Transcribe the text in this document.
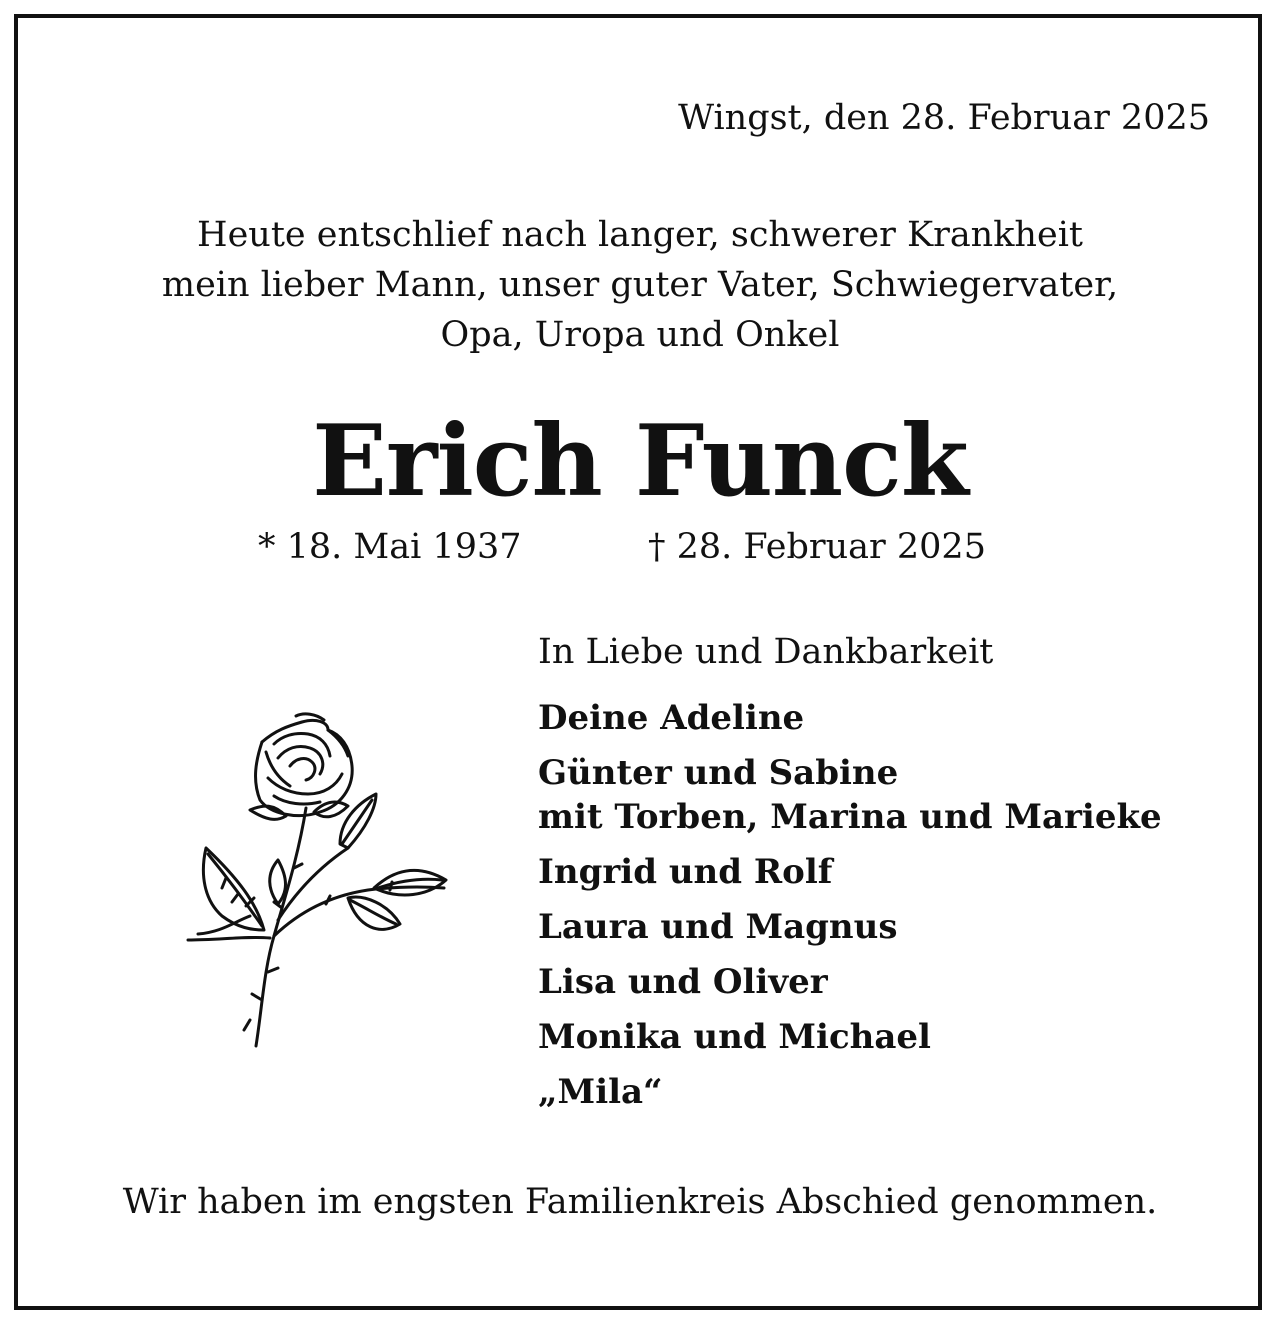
Wingst, den 28. Februar 2025
Heute entschlief nach langer, schwerer Krankheit
mein lieber Mann, unser guter Vater, Schwiegervater,
Opa, Uropa und Onkel
Erich Funck
* 18. Mai 1937	† 28. Februar 2025
In Liebe und Dankbarkeit
Deine Adeline
Günter und Sabine
mit Torben, Marina und Marieke
Ingrid und Rolf
Laura und Magnus
Lisa und Oliver
Monika und Michael
„Mila“
Wir haben im engsten Familienkreis Abschied genommen.
